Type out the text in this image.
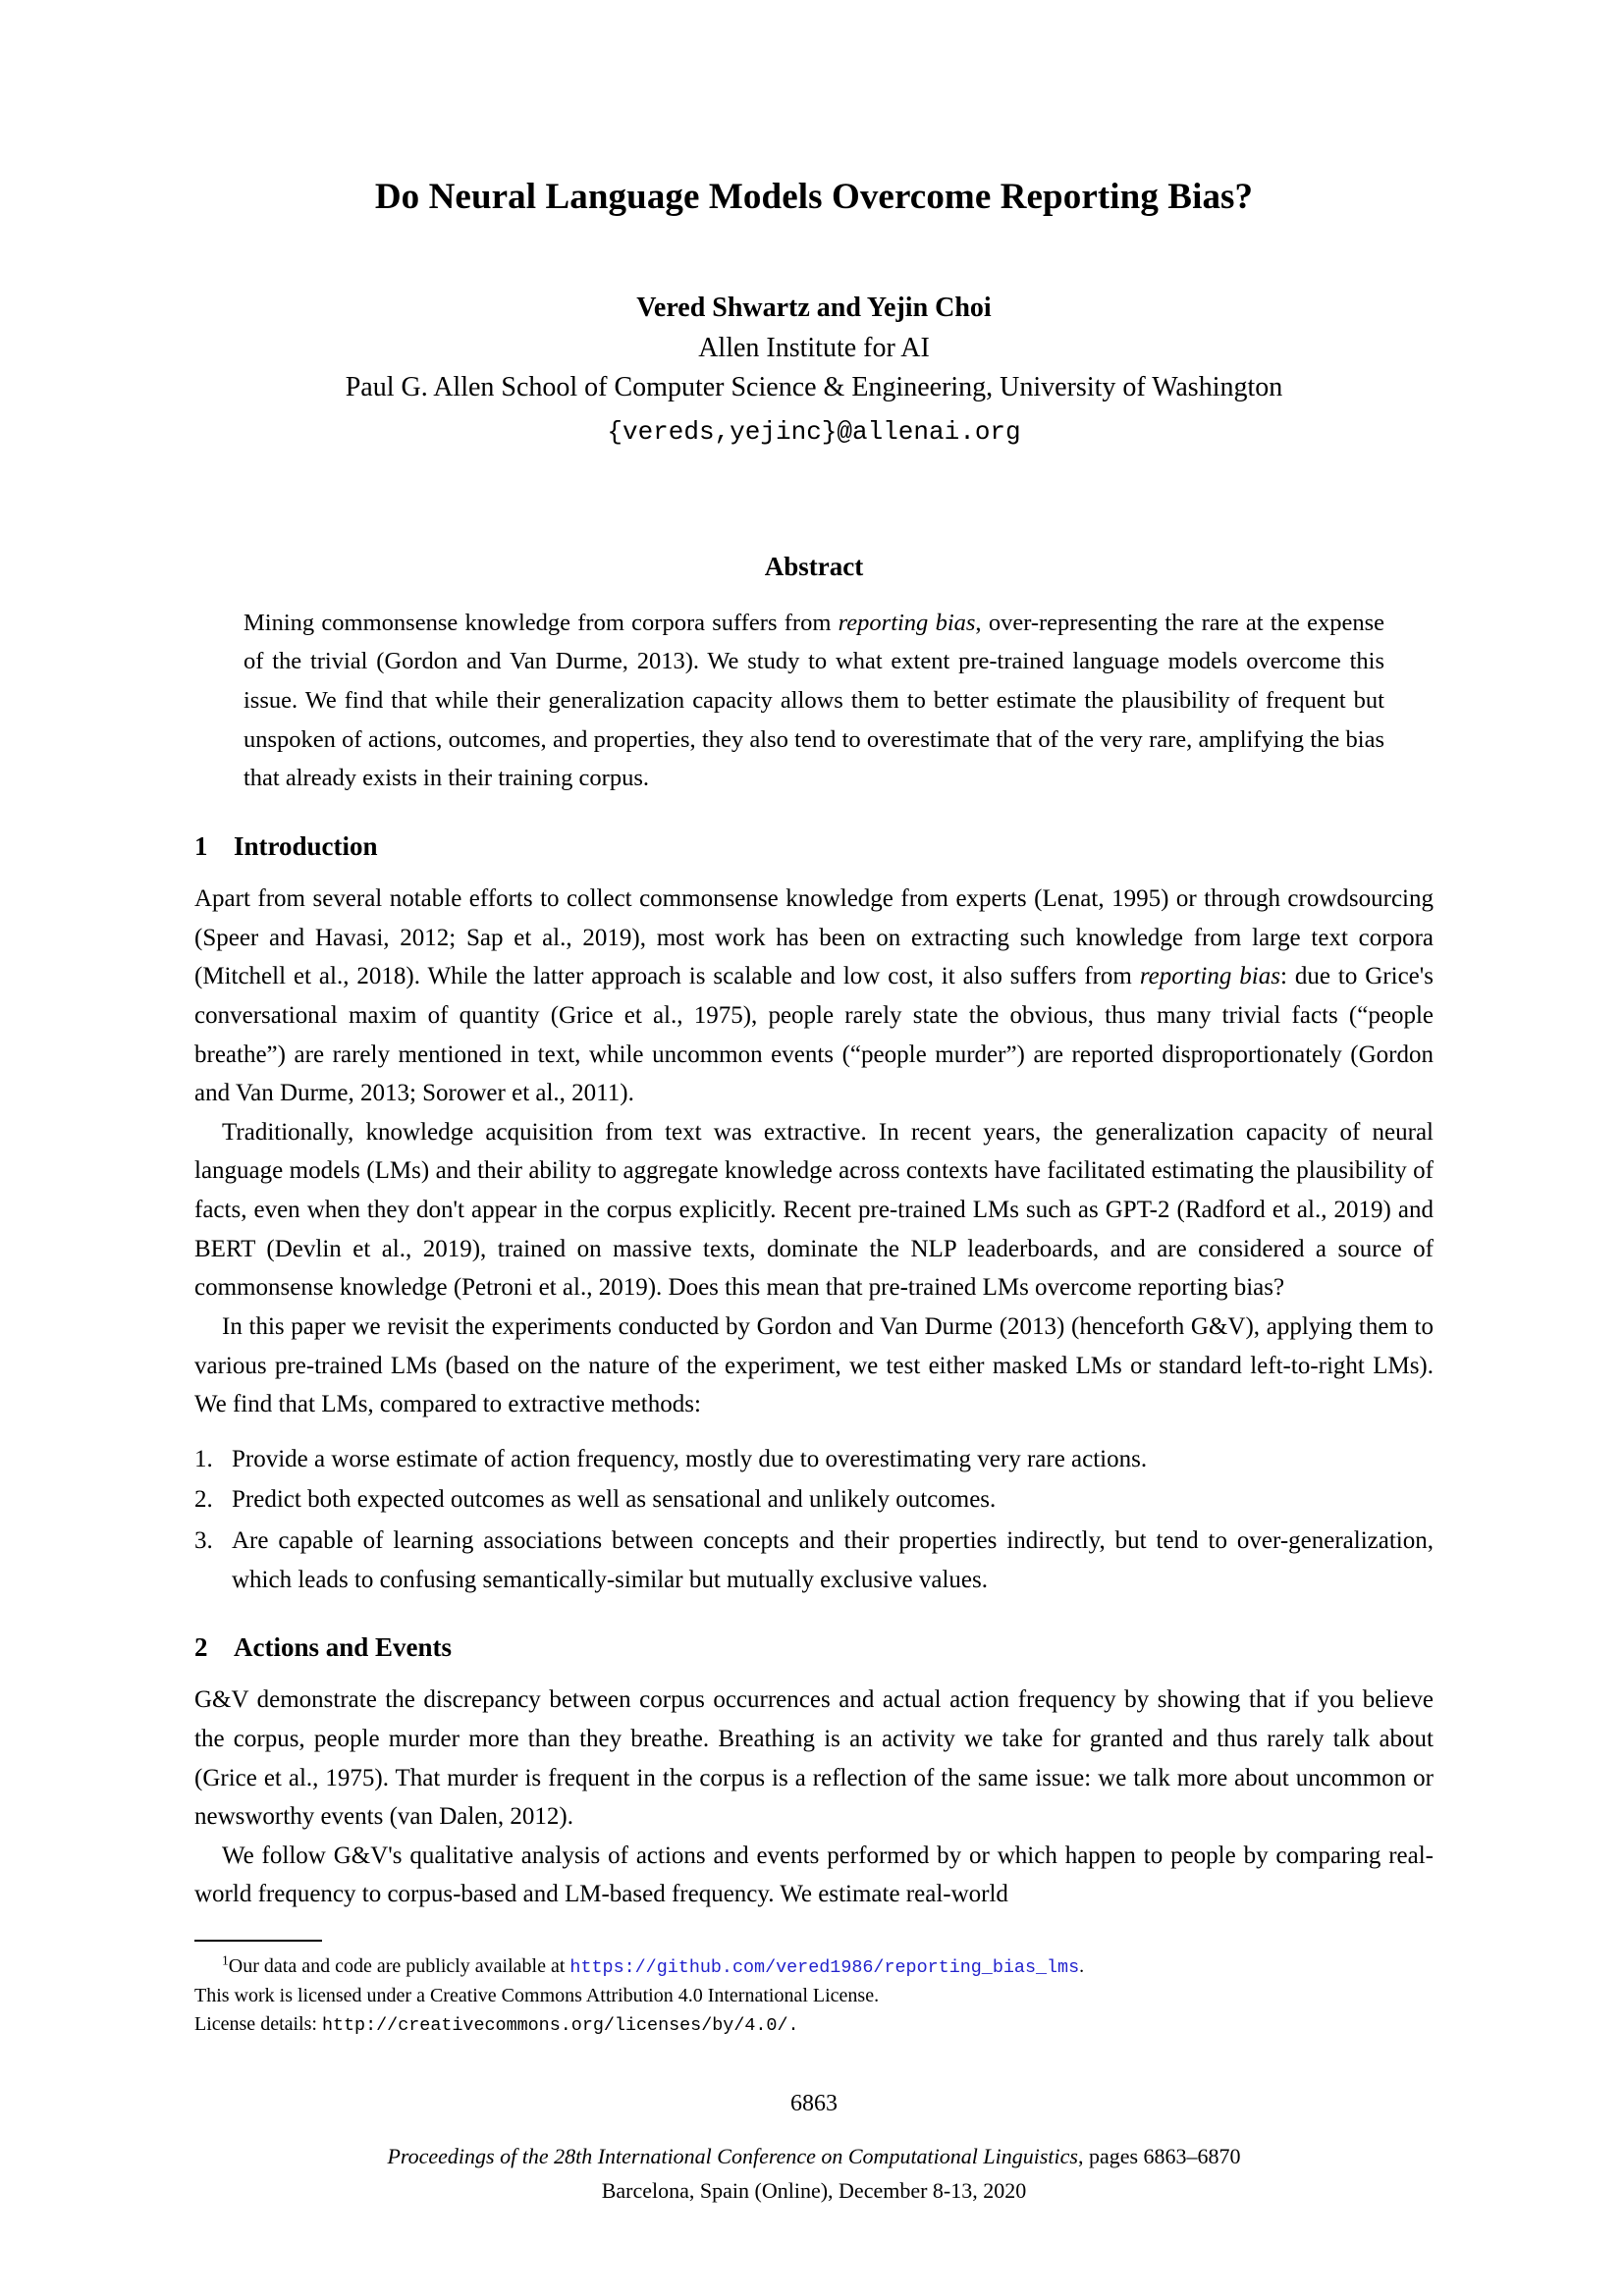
Do Neural Language Models Overcome Reporting Bias?
Vered Shwartz and Yejin Choi
Allen Institute for AI
Paul G. Allen School of Computer Science & Engineering, University of Washington
{vereds,yejinc}@allenai.org
Abstract
Mining commonsense knowledge from corpora suffers from reporting bias, over-representing the rare at the expense of the trivial (Gordon and Van Durme, 2013). We study to what extent pre-trained language models overcome this issue. We find that while their generalization capacity allows them to better estimate the plausibility of frequent but unspoken of actions, outcomes, and properties, they also tend to overestimate that of the very rare, amplifying the bias that already exists in their training corpus.
1 Introduction

Apart from several notable efforts to collect commonsense knowledge from experts (Lenat, 1995) or through crowdsourcing (Speer and Havasi, 2012; Sap et al., 2019), most work has been on extracting such knowledge from large text corpora (Mitchell et al., 2018). While the latter approach is scalable and low cost, it also suffers from reporting bias: due to Grice's conversational maxim of quantity (Grice et al., 1975), people rarely state the obvious, thus many trivial facts (“people breathe”) are rarely mentioned in text, while uncommon events (“people murder”) are reported disproportionately (Gordon and Van Durme, 2013; Sorower et al., 2011).

Traditionally, knowledge acquisition from text was extractive. In recent years, the generalization capacity of neural language models (LMs) and their ability to aggregate knowledge across contexts have facilitated estimating the plausibility of facts, even when they don't appear in the corpus explicitly. Recent pre-trained LMs such as GPT-2 (Radford et al., 2019) and BERT (Devlin et al., 2019), trained on massive texts, dominate the NLP leaderboards, and are considered a source of commonsense knowledge (Petroni et al., 2019). Does this mean that pre-trained LMs overcome reporting bias?

In this paper we revisit the experiments conducted by Gordon and Van Durme (2013) (henceforth G&V), applying them to various pre-trained LMs (based on the nature of the experiment, we test either masked LMs or standard left-to-right LMs). We find that LMs, compared to extractive methods:

1. Provide a worse estimate of action frequency, mostly due to overestimating very rare actions.
2. Predict both expected outcomes as well as sensational and unlikely outcomes.
3. Are capable of learning associations between concepts and their properties indirectly, but tend to over-generalization, which leads to confusing semantically-similar but mutually exclusive values.
2 Actions and Events

G&V demonstrate the discrepancy between corpus occurrences and actual action frequency by showing that if you believe the corpus, people murder more than they breathe. Breathing is an activity we take for granted and thus rarely talk about (Grice et al., 1975). That murder is frequent in the corpus is a reflection of the same issue: we talk more about uncommon or newsworthy events (van Dalen, 2012).

We follow G&V's qualitative analysis of actions and events performed by or which happen to people by comparing real-world frequency to corpus-based and LM-based frequency. We estimate real-world

$^1$Our data and code are publicly available at https://github.com/vered1986/reporting_bias_lms.
This work is licensed under a Creative Commons Attribution 4.0 International License.
License details: http://creativecommons.org/licenses/by/4.0/.
6863
Proceedings of the 28th International Conference on Computational Linguistics, pages 6863–6870
Barcelona, Spain (Online), December 8-13, 2020
